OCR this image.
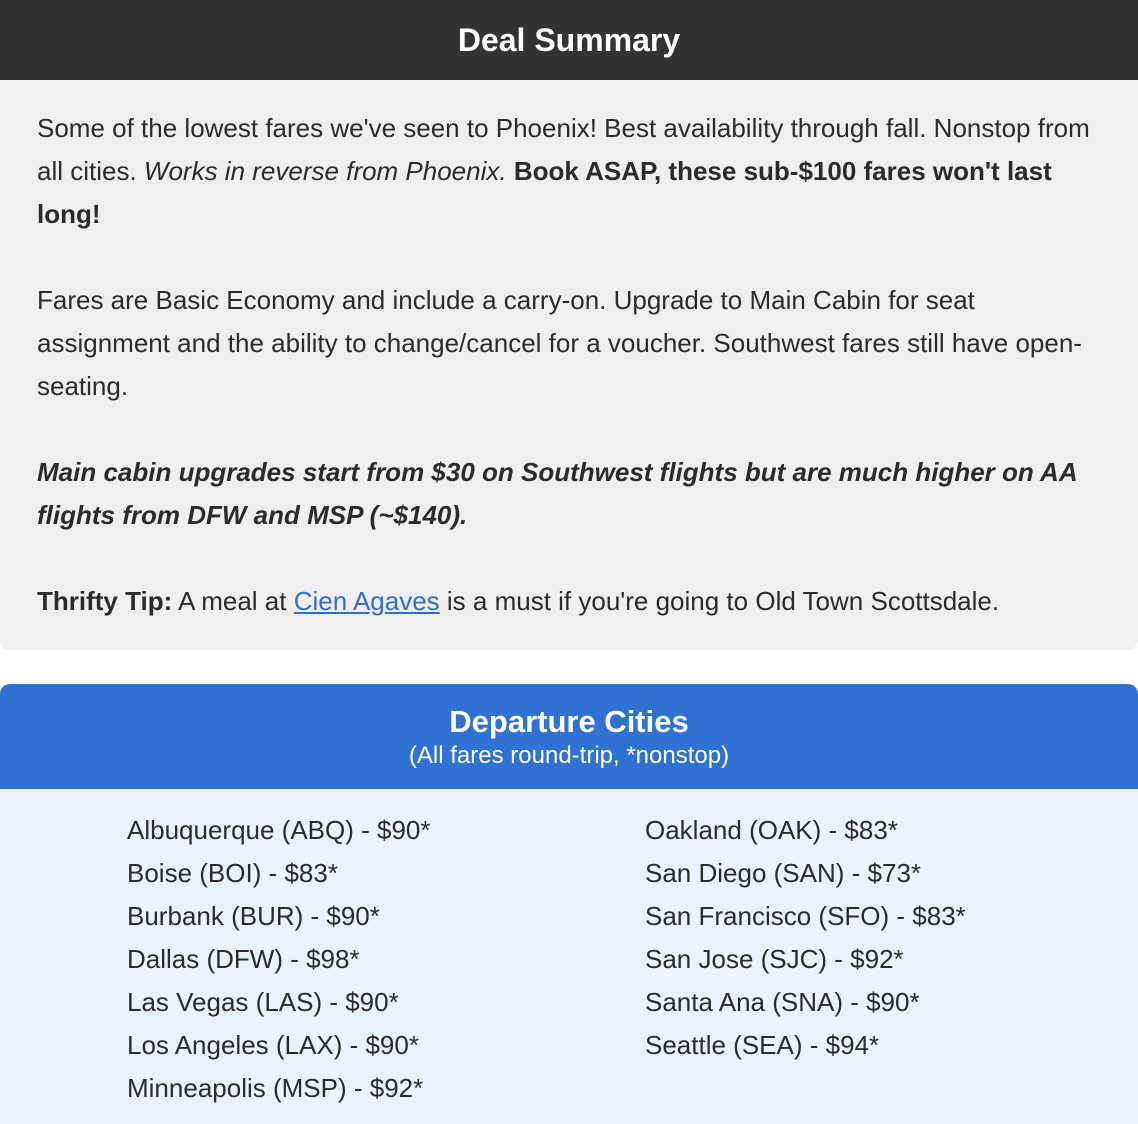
Deal Summary

Some of the lowest fares we've seen to Phoenix! Best availability through fall. Nonstop from all cities. Works in reverse from Phoenix. Book ASAP, these sub-$100 fares won't last long!

Fares are Basic Economy and include a carry-on. Upgrade to Main Cabin for seat assignment and the ability to change/cancel for a voucher. Southwest fares still have open-seating.

Main cabin upgrades start from $30 on Southwest flights but are much higher on AA flights from DFW and MSP (~$140).

Thrifty Tip: A meal at Cien Agaves is a must if you're going to Old Town Scottsdale.

Departure Cities
(All fares round-trip, *nonstop)
Albuquerque (ABQ) - $90*
Boise (BOI) - $83*
Burbank (BUR) - $90*
Dallas (DFW) - $98*
Las Vegas (LAS) - $90*
Los Angeles (LAX) - $90*
Minneapolis (MSP) - $92*
Oakland (OAK) - $83*
San Diego (SAN) - $73*
San Francisco (SFO) - $83*
San Jose (SJC) - $92*
Santa Ana (SNA) - $90*
Seattle (SEA) - $94*
